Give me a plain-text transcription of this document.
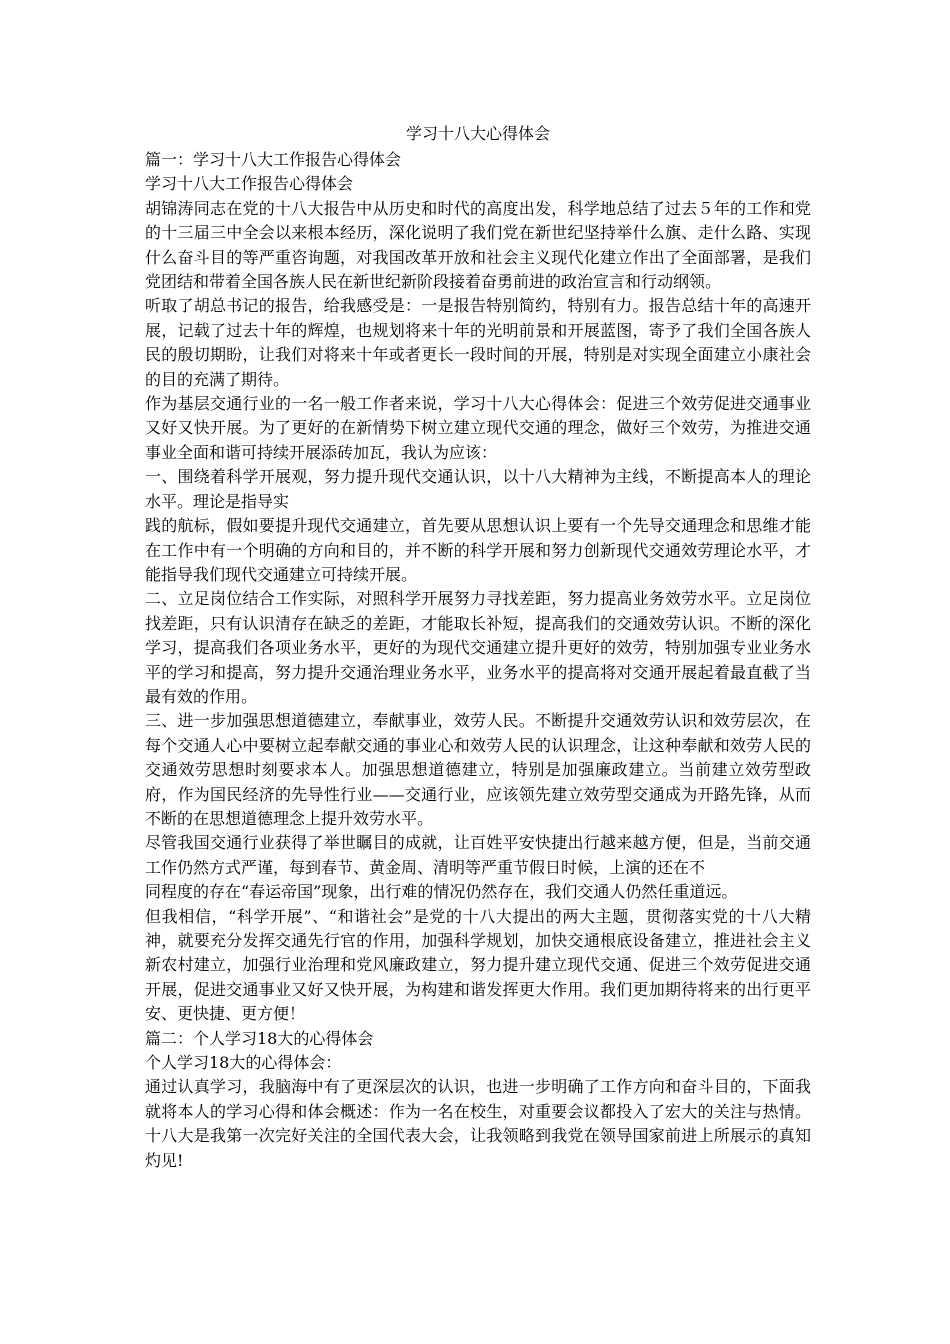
学习十八大心得体会

篇一：学习十八大工作报告心得体会

学习十八大工作报告心得体会

胡锦涛同志在党的十八大报告中从历史和时代的高度出发，科学地总结了过去５年的工作和党的十三届三中全会以来根本经历，深化说明了我们党在新世纪坚持举什么旗、走什么路、实现什么奋斗目的等严重咨询题，对我国改革开放和社会主义现代化建立作出了全面部署，是我们党团结和带着全国各族人民在新世纪新阶段接着奋勇前进的政治宣言和行动纲领。

听取了胡总书记的报告，给我感受是：一是报告特别简约，特别有力。报告总结十年的高速开展，记载了过去十年的辉煌，也规划将来十年的光明前景和开展蓝图，寄予了我们全国各族人民的殷切期盼，让我们对将来十年或者更长一段时间的开展，特别是对实现全面建立小康社会的目的充满了期待。

作为基层交通行业的一名一般工作者来说，学习十八大心得体会：促进三个效劳促进交通事业又好又快开展。为了更好的在新情势下树立建立现代交通的理念，做好三个效劳，为推进交通事业全面和谐可持续开展添砖加瓦，我认为应该：

一、围绕着科学开展观，努力提升现代交通认识，以十八大精神为主线，不断提高本人的理论水平。理论是指导实

践的航标，假如要提升现代交通建立，首先要从思想认识上要有一个先导交通理念和思维才能在工作中有一个明确的方向和目的，并不断的科学开展和努力创新现代交通效劳理论水平，才能指导我们现代交通建立可持续开展。

二、立足岗位结合工作实际，对照科学开展努力寻找差距，努力提高业务效劳水平。立足岗位找差距，只有认识清存在缺乏的差距，才能取长补短，提高我们的交通效劳认识。不断的深化学习，提高我们各项业务水平，更好的为现代交通建立提升更好的效劳，特别加强专业业务水平的学习和提高，努力提升交通治理业务水平，业务水平的提高将对交通开展起着最直截了当最有效的作用。

三、进一步加强思想道德建立，奉献事业，效劳人民。不断提升交通效劳认识和效劳层次，在每个交通人心中要树立起奉献交通的事业心和效劳人民的认识理念，让这种奉献和效劳人民的交通效劳思想时刻要求本人。加强思想道德建立，特别是加强廉政建立。当前建立效劳型政府，作为国民经济的先导性行业——交通行业，应该领先建立效劳型交通成为开路先锋，从而不断的在思想道德理念上提升效劳水平。

尽管我国交通行业获得了举世瞩目的成就，让百姓平安快捷出行越来越方便，但是，当前交通工作仍然方式严谨，每到春节、黄金周、清明等严重节假日时候，上演的还在不

同程度的存在“春运帝国”现象，出行难的情况仍然存在，我们交通人仍然任重道远。

但我相信，“科学开展”、“和谐社会”是党的十八大提出的两大主题，贯彻落实党的十八大精神，就要充分发挥交通先行官的作用，加强科学规划，加快交通根底设备建立，推进社会主义新农村建立，加强行业治理和党风廉政建立，努力提升建立现代交通、促进三个效劳促进交通开展，促进交通事业又好又快开展，为构建和谐发挥更大作用。我们更加期待将来的出行更平安、更快捷、更方便！

篇二：个人学习18大的心得体会

个人学习18大的心得体会：

通过认真学习，我脑海中有了更深层次的认识，也进一步明确了工作方向和奋斗目的，下面我就将本人的学习心得和体会概述：作为一名在校生，对重要会议都投入了宏大的关注与热情。十八大是我第一次完好关注的全国代表大会，让我领略到我党在领导国家前进上所展示的真知灼见!
